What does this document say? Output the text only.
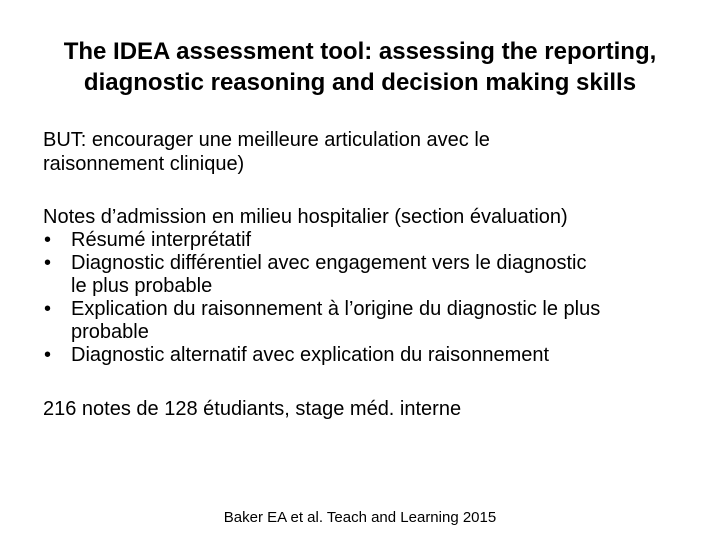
The IDEA assessment tool: assessing the reporting,
diagnostic reasoning and decision making skills

BUT: encourager une meilleure articulation avec le
raisonnement clinique)

Notes d’admission en milieu hospitalier (section évaluation)

• Résumé interprétatif
• Diagnostic différentiel avec engagement vers le diagnostic
le plus probable
• Explication du raisonnement à l’origine du diagnostic le plus
probable
• Diagnostic alternatif avec explication du raisonnement

216 notes de 128 étudiants, stage méd. interne

Baker EA et al. Teach and Learning 2015
